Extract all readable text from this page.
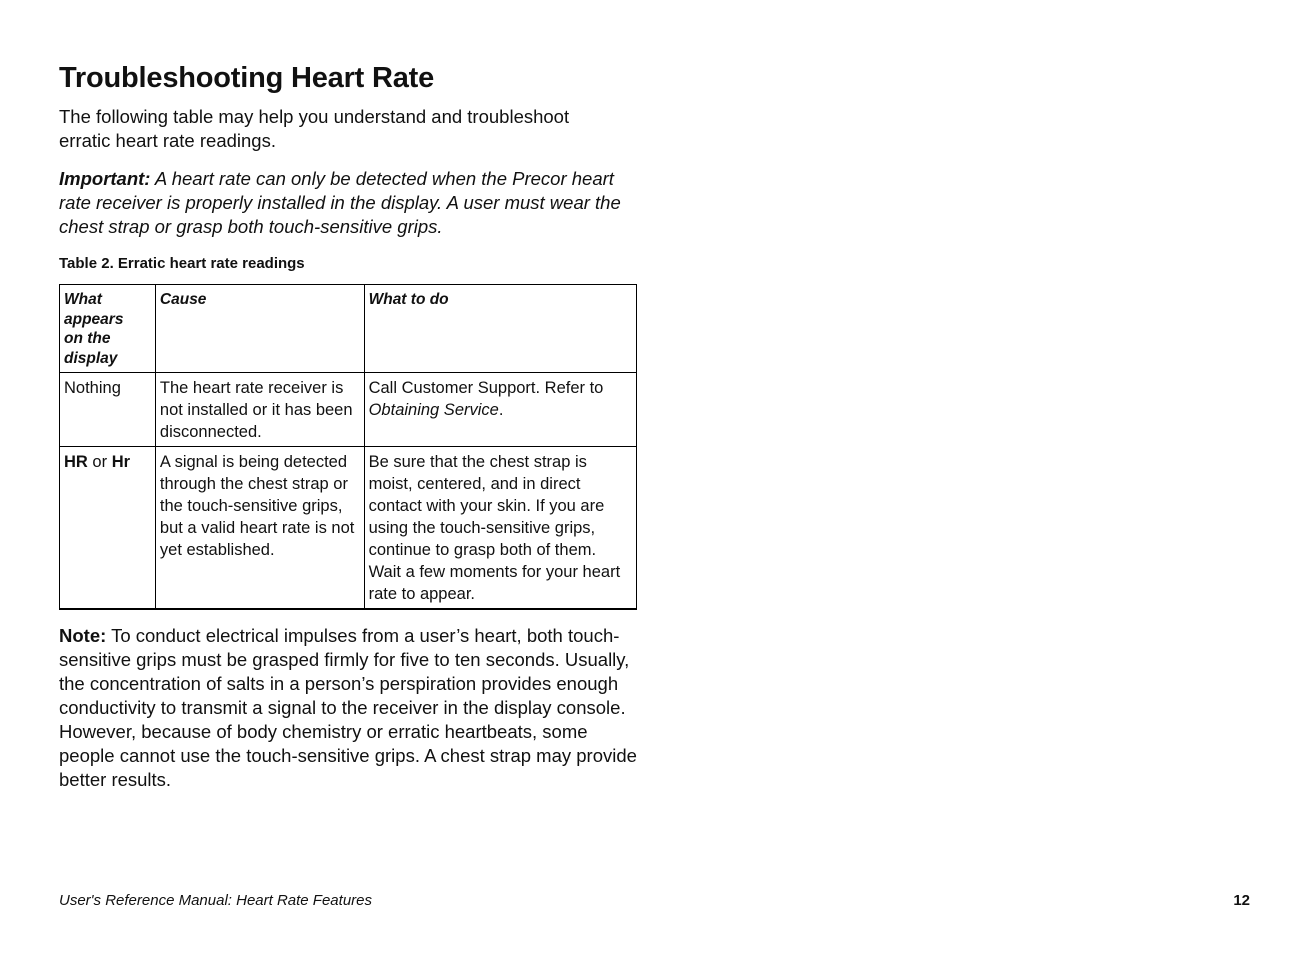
Troubleshooting Heart Rate

The following table may help you understand and troubleshoot
erratic heart rate readings.

Important: A heart rate can only be detected when the Precor heart rate receiver is properly installed in the display. A user must wear the chest strap or grasp both touch-sensitive grips.

Table 2. Erratic heart rate readings
What
appears
on the
display	Cause	What to do
Nothing	The heart rate receiver is not installed or it has been disconnected.	Call Customer Support. Refer to Obtaining Service.
HR or Hr	A signal is being detected through the chest strap or the touch-sensitive grips, but a valid heart rate is not yet established.	Be sure that the chest strap is moist, centered, and in direct contact with your skin. If you are using the touch-sensitive grips, continue to grasp both of them. Wait a few moments for your heart rate to appear.

Note: To conduct electrical impulses from a user’s heart, both touch-sensitive grips must be grasped firmly for five to ten seconds. Usually, the concentration of salts in a person’s perspiration provides enough conductivity to transmit a signal to the receiver in the display console. However, because of body chemistry or erratic heartbeats, some people cannot use the touch-sensitive grips. A chest strap may provide better results.

User's Reference Manual: Heart Rate Features	12
